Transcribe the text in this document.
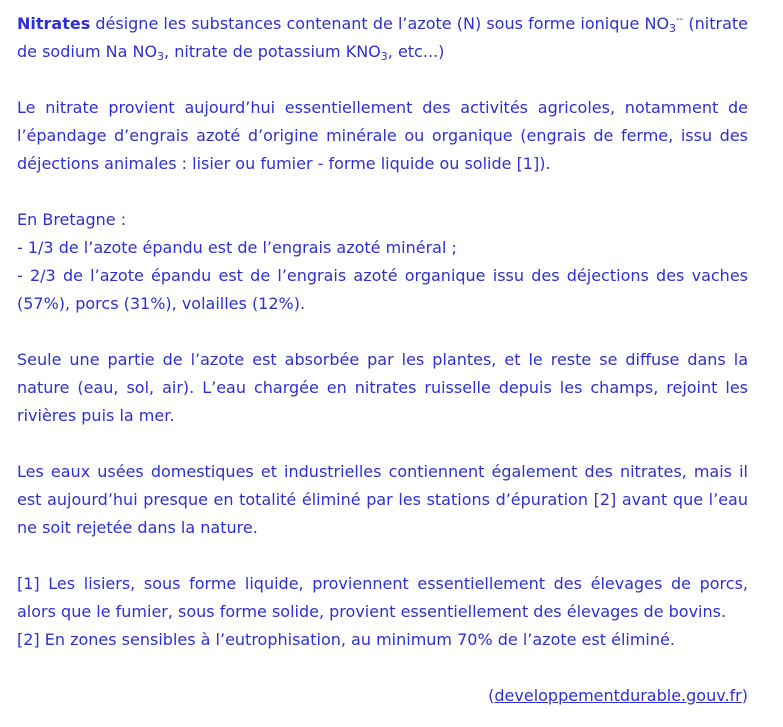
Nitrates désigne les substances contenant de l’azote (N) sous forme ionique $NO_3^{--}$ (nitrate de sodium Na $NO_3$, nitrate de potassium $KNO_3$, etc...)

Le nitrate provient aujourd’hui essentiellement des activités agricoles, notamment de l’épandage d’engrais azoté d’origine minérale ou organique (engrais de ferme, issu des déjections animales : lisier ou fumier - forme liquide ou solide [1]).

En Bretagne :
- 1/3 de l’azote épandu est de l’engrais azoté minéral ;
- 2/3 de l’azote épandu est de l’engrais azoté organique issu des déjections des vaches (57%), porcs (31%), volailles (12%).

Seule une partie de l’azote est absorbée par les plantes, et le reste se diffuse dans la nature (eau, sol, air). L’eau chargée en nitrates ruisselle depuis les champs, rejoint les rivières puis la mer.

Les eaux usées domestiques et industrielles contiennent également des nitrates, mais il est aujourd’hui presque en totalité éliminé par les stations d’épuration [2] avant que l’eau ne soit rejetée dans la nature.

[1] Les lisiers, sous forme liquide, proviennent essentiellement des élevages de porcs, alors que le fumier, sous forme solide, provient essentiellement des élevages de bovins.
[2] En zones sensibles à l’eutrophisation, au minimum 70% de l’azote est éliminé.

(developpementdurable.gouv.fr)
